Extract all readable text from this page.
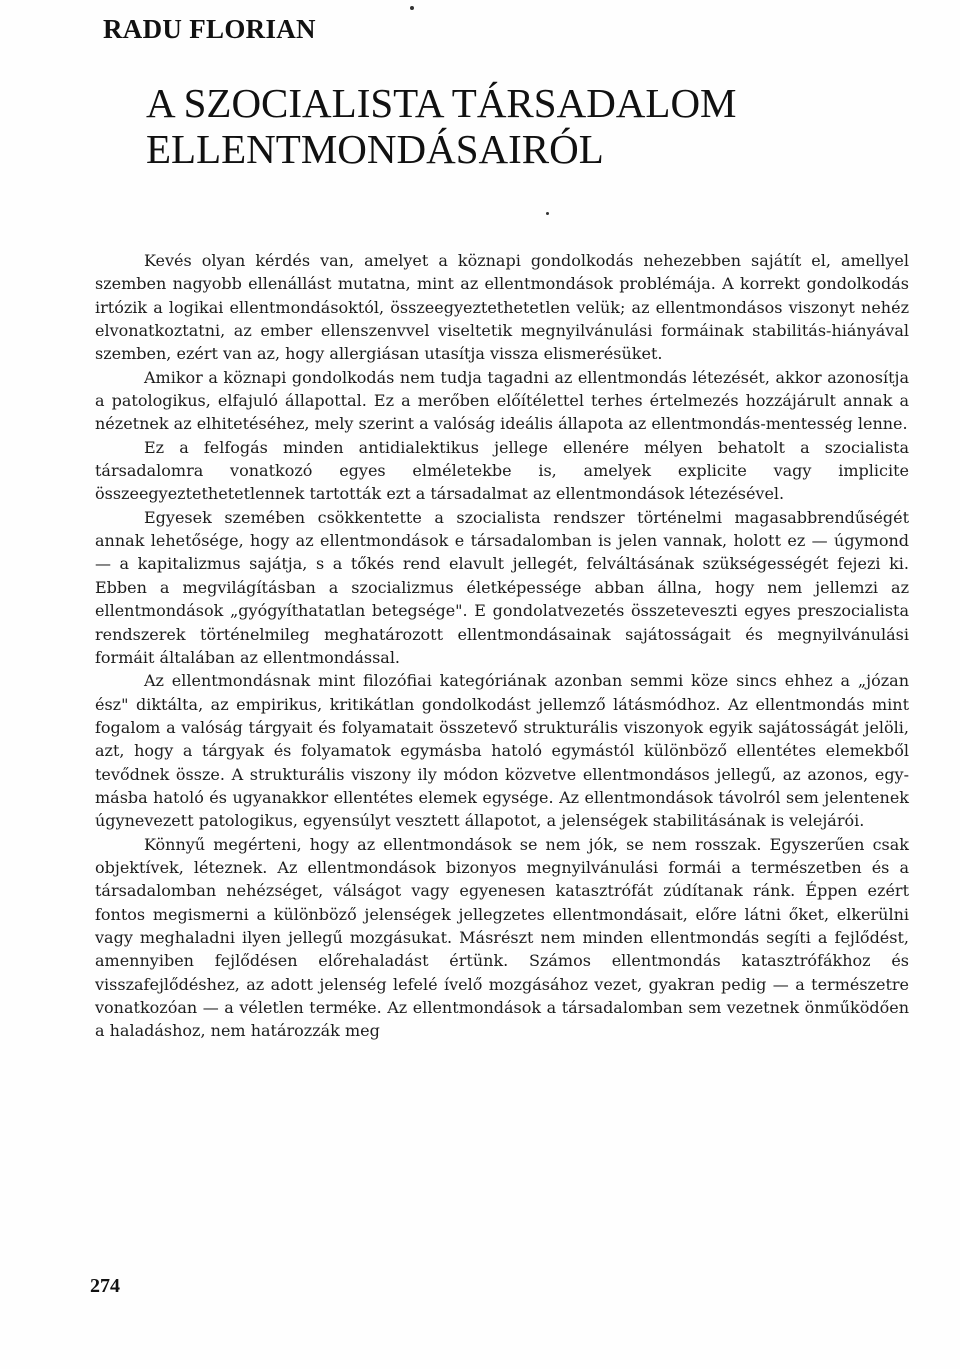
RADU FLORIAN
A SZOCIALISTA TÁRSADALOM
ELLENTMONDÁSAIRÓL

Kevés olyan kérdés van, amelyet a köznapi gondolkodás nehezebben sajátít el, amellyel szemben nagyobb ellenállást mutatna, mint az ellentmondások problémája. A korrekt gondolkodás irtózik a logikai ellentmondásoktól, összeegyeztethetetlen velük; az ellentmondásos viszonyt nehéz elvonatkoztatni, az ember ellenszenvvel viseltetik megnyilvánulási formáinak stabilitás-hiányával szemben, ezért van az, hogy allergiásan utasítja vissza elismerésüket.

Amikor a köznapi gondolkodás nem tudja tagadni az ellentmondás létezését, akkor azonosítja a patologikus, elfajuló állapottal. Ez a merőben előítélettel terhes értelmezés hozzájárult annak a nézetnek az elhitetéséhez, mely szerint a valóság ideális állapota az ellentmondás-mentesség lenne.

Ez a felfogás minden antidialektikus jellege ellenére mélyen behatolt a szocialista társadalomra vonatkozó egyes elméletekbe is, amelyek explicite vagy implicite összeegyeztethetetlennek tartották ezt a társadalmat az ellentmondások létezésével.

Egyesek szemében csökkentette a szocialista rendszer történelmi magasabbrendűségét annak lehetősége, hogy az ellentmondások e társadalomban is jelen vannak, holott ez — úgymond — a kapitalizmus sajátja, s a tőkés rend elavult jellegét, felváltásának szükségességét fejezi ki. Ebben a megvilágításban a szocializmus életképessége abban állna, hogy nem jellemzi az ellentmondások „gyógyíthatatlan betegsége". E gondolatvezetés összeteveszti egyes preszocialista rendszerek történelmileg meghatározott ellentmondásainak sajátosságait és megnyilvánulási formáit általában az ellentmondással.

Az ellentmondásnak mint filozófiai kategóriának azonban semmi köze sincs ehhez a „józan ész" diktálta, az empirikus, kritikátlan gondolkodást jellemző látásmódhoz. Az ellentmondás mint fogalom a valóság tárgyait és folyamatait összetevő strukturális viszonyok egyik sajátosságát jelöli, azt, hogy a tárgyak és folyamatok egymásba hatoló egymástól különböző ellentétes elemekből tevődnek össze. A strukturális viszony ily módon közvetve ellentmondásos jellegű, az azonos, egymásba hatoló és ugyanakkor ellentétes elemek egysége. Az ellentmondások távolról sem jelentenek úgynevezett patologikus, egyensúlyt vesztett állapotot, a jelenségek stabilitásának is velejárói.

Könnyű megérteni, hogy az ellentmondások se nem jók, se nem rosszak. Egyszerűen csak objektívek, léteznek. Az ellentmondások bizonyos megnyilvánulási formái a természetben és a társadalomban nehézséget, válságot vagy egyenesen katasztrófát zúdítanak ránk. Éppen ezért fontos megismerni a különböző jelenségek jellegzetes ellentmondásait, előre látni őket, elkerülni vagy meghaladni ilyen jellegű mozgásukat. Másrészt nem minden ellentmondás segíti a fejlődést, amennyiben fejlődésen előrehaladást értünk. Számos ellentmondás katasztrófákhoz és visszafejlődéshez, az adott jelenség lefelé ívelő mozgásához vezet, gyakran pedig — a természetre vonatkozóan — a véletlen terméke. Az ellentmondások a társadalomban sem vezetnek önműködően a haladáshoz, nem határozzák meg

274
